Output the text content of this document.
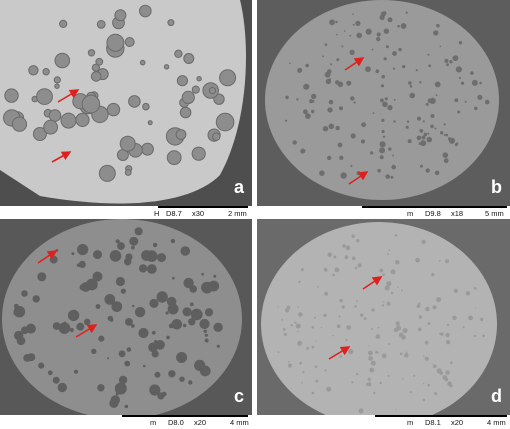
a
H D8.7 x30	2 mm
b
m D9.8 x18	5 mm
c
m D8.0 x20	4 mm
d
m D8.1 x20	4 mm
